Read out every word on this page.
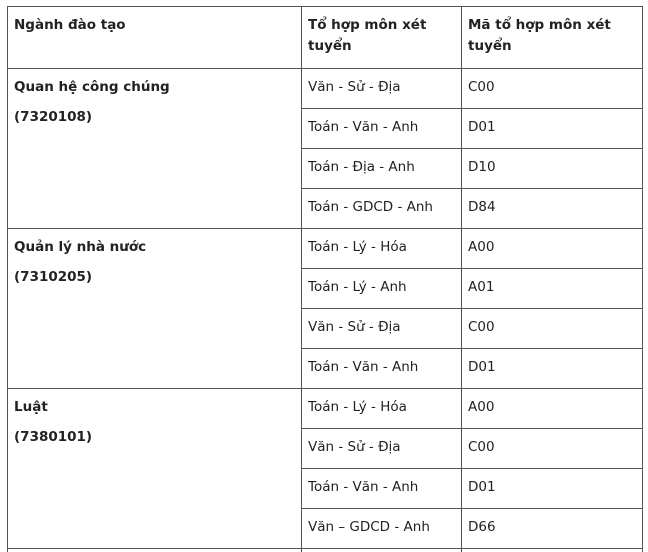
Ngành đào tạo	Tổ hợp môn xét tuyển	Mã tổ hợp môn xét tuyển

Quan hệ công chúng
(7320108)	Văn - Sử - Địa	C00
	Toán - Văn - Anh	D01
	Toán - Địa - Anh	D10
	Toán - GDCD - Anh	D84

Quản lý nhà nước
(7310205)	Toán - Lý - Hóa	A00
	Toán - Lý - Anh	A01
	Văn - Sử - Địa	C00
	Toán - Văn - Anh	D01

Luật
(7380101)	Toán - Lý - Hóa	A00
	Văn - Sử - Địa	C00
	Toán - Văn - Anh	D01
	Văn – GDCD - Anh	D66
